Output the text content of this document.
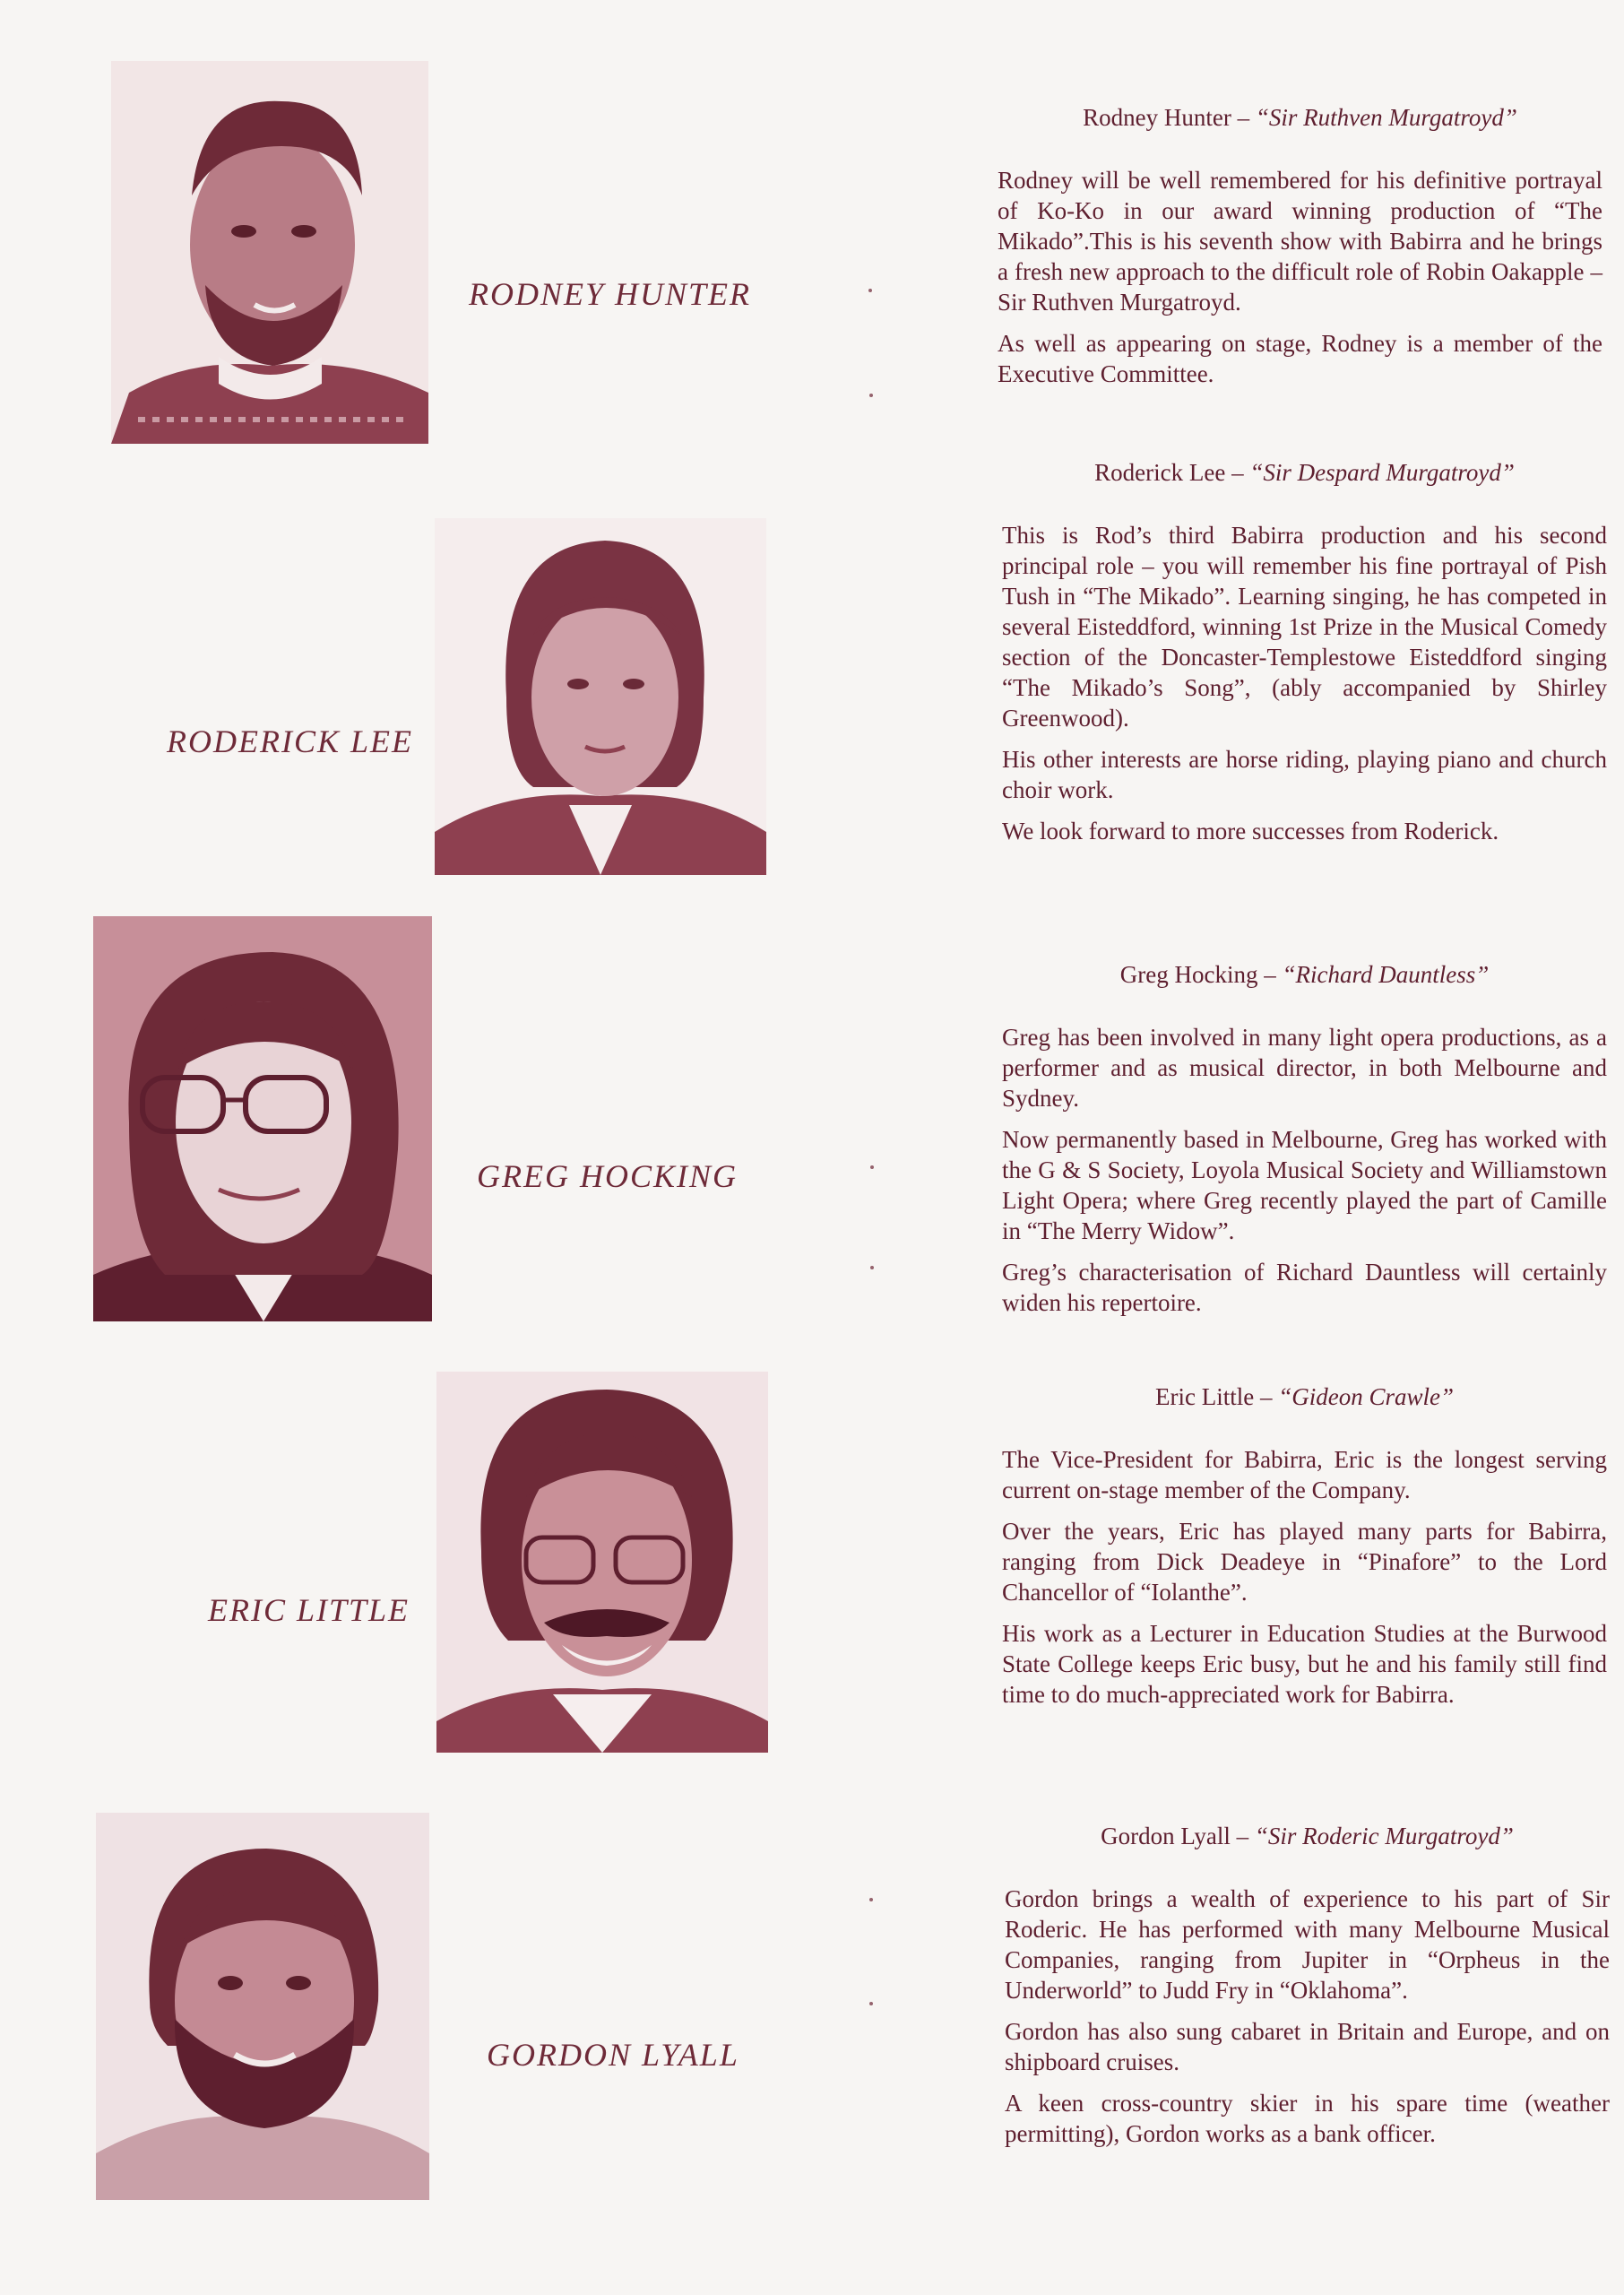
RODNEY HUNTER
Rodney Hunter – “Sir Ruthven Murgatroyd”

Rodney will be well remembered for his definitive portrayal of Ko-Ko in our award winning production of “The Mikado”.This is his seventh show with Babirra and he brings a fresh new approach to the difficult role of Robin Oakapple – Sir Ruthven Murgatroyd.

As well as appearing on stage, Rodney is a member of the Executive Committee.

RODERICK LEE
Roderick Lee – “Sir Despard Murgatroyd”

This is Rod’s third Babirra production and his second principal role – you will remember his fine portrayal of Pish Tush in “The Mikado”. Learning singing, he has competed in several Eisteddford, winning 1st Prize in the Musical Comedy section of the Doncaster-Templestowe Eisteddford singing “The Mikado’s Song”, (ably accompanied by Shirley Greenwood).

His other interests are horse riding, playing piano and church choir work.

We look forward to more successes from Roderick.

GREG HOCKING
Greg Hocking – “Richard Dauntless”

Greg has been involved in many light opera productions, as a performer and as musical director, in both Melbourne and Sydney.

Now permanently based in Melbourne, Greg has worked with the G & S Society, Loyola Musical Society and Williamstown Light Opera; where Greg recently played the part of Camille in “The Merry Widow”.

Greg’s characterisation of Richard Dauntless will certainly widen his repertoire.

ERIC LITTLE
Eric Little – “Gideon Crawle”

The Vice-President for Babirra, Eric is the longest serving current on-stage member of the Company.

Over the years, Eric has played many parts for Babirra, ranging from Dick Deadeye in “Pinafore” to the Lord Chancellor of “Iolanthe”.

His work as a Lecturer in Education Studies at the Burwood State College keeps Eric busy, but he and his family still find time to do much-appreciated work for Babirra.

GORDON LYALL
Gordon Lyall – “Sir Roderic Murgatroyd”

Gordon brings a wealth of experience to his part of Sir Roderic. He has performed with many Melbourne Musical Companies, ranging from Jupiter in “Orpheus in the Underworld” to Judd Fry in “Oklahoma”.

Gordon has also sung cabaret in Britain and Europe, and on shipboard cruises.

A keen cross-country skier in his spare time (weather permitting), Gordon works as a bank officer.
